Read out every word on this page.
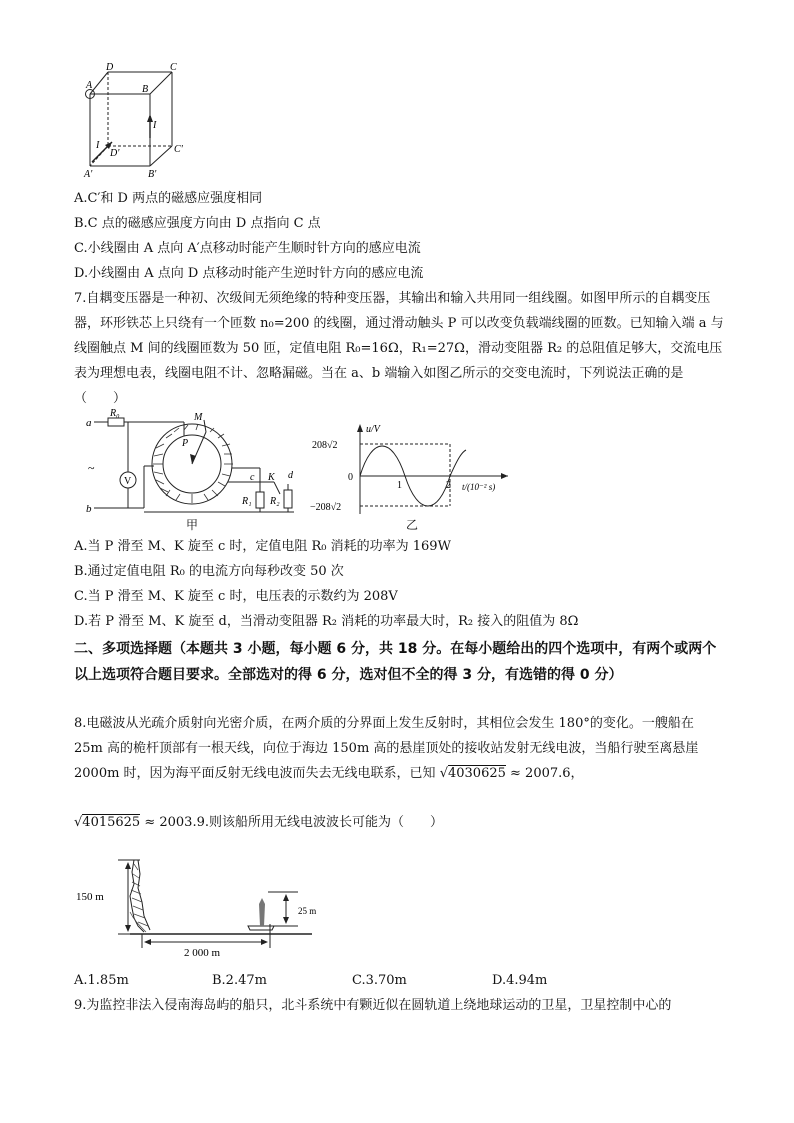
A
D	C
B
I
I
D'	C'
A'	B'
A.C′和 D 两点的磁感应强度相同
B.C 点的磁感应强度方向由 D 点指向 C 点
C.小线圈由 A 点向 A′点移动时能产生顺时针方向的感应电流
D.小线圈由 A 点向 D 点移动时能产生逆时针方向的感应电流
7.自耦变压器是一种初、次级间无须绝缘的特种变压器，其输出和输入共用同一组线圈。如图甲所示的自耦变压器，环形铁芯上只绕有一个匝数 n₀=200 的线圈，通过滑动触头 P 可以改变负载端线圈的匝数。已知输入端 a 与线圈触点 M 间的线圈匝数为 50 匝，定值电阻 R₀=16Ω，R₁=27Ω，滑动变阻器 R₂ 的总阻值足够大，交流电压表为理想电表，线圈电阻不计、忽略漏磁。当在 a、b 端输入如图乙所示的交变电流时，下列说法正确的是（　　）
a
R₀
~
b
V
M
P
c K d
R₁ R₂
甲
u/V
208√2
0
−208√2
1	2 t/(10⁻² s)
乙
A.当 P 滑至 M、K 旋至 c 时，定值电阻 R₀ 消耗的功率为 169W
B.通过定值电阻 R₀ 的电流方向每秒改变 50 次
C.当 P 滑至 M、K 旋至 c 时，电压表的示数约为 208V
D.若 P 滑至 M、K 旋至 d，当滑动变阻器 R₂ 消耗的功率最大时，R₂ 接入的阻值为 8Ω
二、多项选择题（本题共 3 小题，每小题 6 分，共 18 分。在每小题给出的四个选项中，有两个或两个以上选项符合题目要求。全部选对的得 6 分，选对但不全的得 3 分，有选错的得 0 分）
8.电磁波从光疏介质射向光密介质，在两介质的分界面上发生反射时，其相位会发生 180°的变化。一艘船在 25m 高的桅杆顶部有一根天线，向位于海边 150m 高的悬崖顶处的接收站发射无线电波，当船行驶至离悬崖 2000m 时，因为海平面反射无线电波而失去无线电联系，已知 √4030625 ≈ 2007.6，
√4015625 ≈ 2003.9.则该船所用无线电波波长可能为（　　）
150 m
25 m
2 000 m
A.1.85m	B.2.47m	C.3.70m	D.4.94m
9.为监控非法入侵南海岛屿的船只，北斗系统中有颗近似在圆轨道上绕地球运动的卫星，卫星控制中心的
